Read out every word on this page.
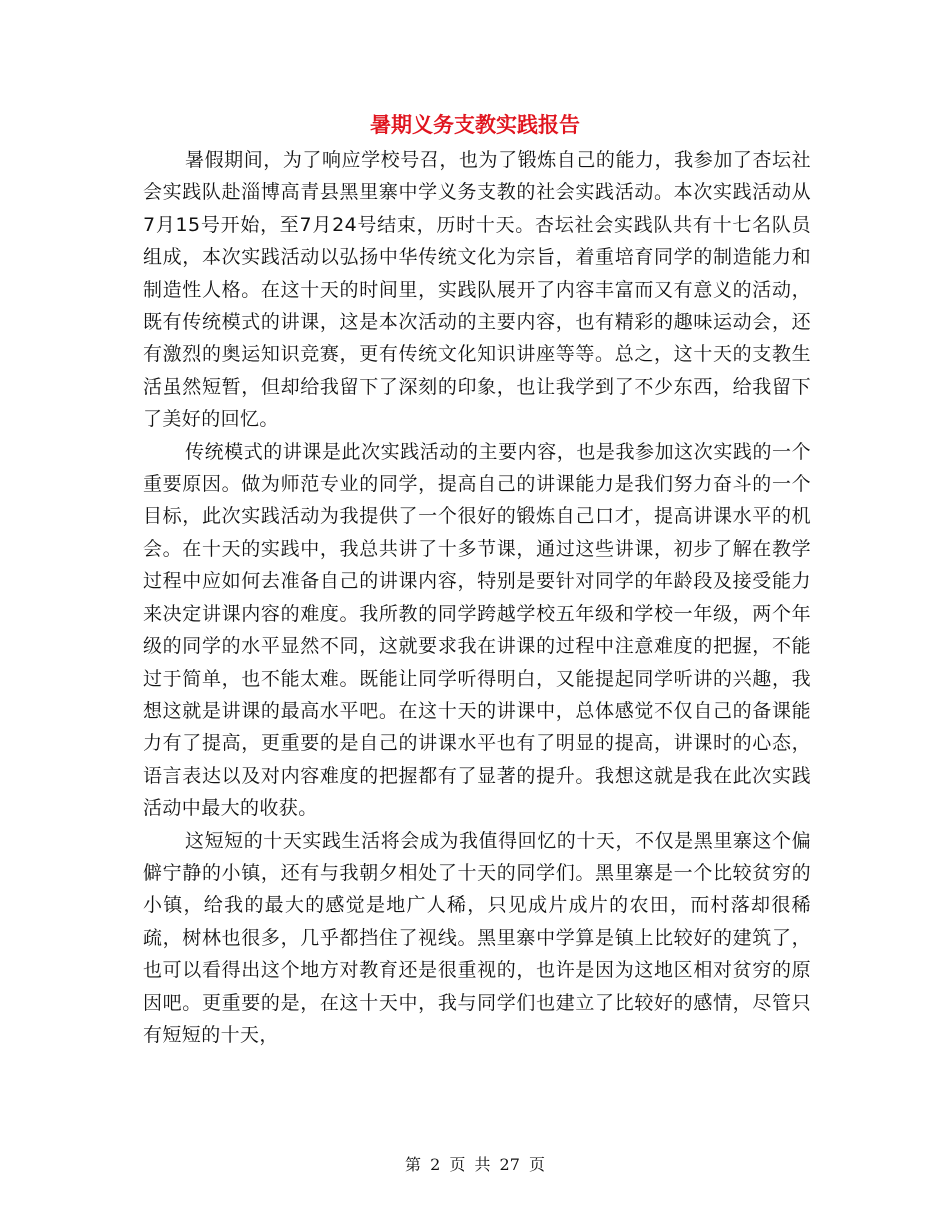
暑期义务支教实践报告

暑假期间，为了响应学校号召，也为了锻炼自己的能力，我参加了杏坛社会实践队赴淄博高青县黑里寨中学义务支教的社会实践活动。本次实践活动从7月15号开始，至7月24号结束，历时十天。杏坛社会实践队共有十七名队员组成，本次实践活动以弘扬中华传统文化为宗旨，着重培育同学的制造能力和制造性人格。在这十天的时间里，实践队展开了内容丰富而又有意义的活动，既有传统模式的讲课，这是本次活动的主要内容，也有精彩的趣味运动会，还有激烈的奥运知识竞赛，更有传统文化知识讲座等等。总之，这十天的支教生活虽然短暂，但却给我留下了深刻的印象，也让我学到了不少东西，给我留下了美好的回忆。

传统模式的讲课是此次实践活动的主要内容，也是我参加这次实践的一个重要原因。做为师范专业的同学，提高自己的讲课能力是我们努力奋斗的一个目标，此次实践活动为我提供了一个很好的锻炼自己口才，提高讲课水平的机会。在十天的实践中，我总共讲了十多节课，通过这些讲课，初步了解在教学过程中应如何去准备自己的讲课内容，特别是要针对同学的年龄段及接受能力来决定讲课内容的难度。我所教的同学跨越学校五年级和学校一年级，两个年级的同学的水平显然不同，这就要求我在讲课的过程中注意难度的把握，不能过于简单，也不能太难。既能让同学听得明白，又能提起同学听讲的兴趣，我想这就是讲课的最高水平吧。在这十天的讲课中，总体感觉不仅自己的备课能力有了提高，更重要的是自己的讲课水平也有了明显的提高，讲课时的心态，语言表达以及对内容难度的把握都有了显著的提升。我想这就是我在此次实践活动中最大的收获。

这短短的十天实践生活将会成为我值得回忆的十天，不仅是黑里寨这个偏僻宁静的小镇，还有与我朝夕相处了十天的同学们。黑里寨是一个比较贫穷的小镇，给我的最大的感觉是地广人稀，只见成片成片的农田，而村落却很稀疏，树林也很多，几乎都挡住了视线。黑里寨中学算是镇上比较好的建筑了，也可以看得出这个地方对教育还是很重视的，也许是因为这地区相对贫穷的原因吧。更重要的是，在这十天中，我与同学们也建立了比较好的感情，尽管只有短短的十天，

第 2 页 共 27 页
